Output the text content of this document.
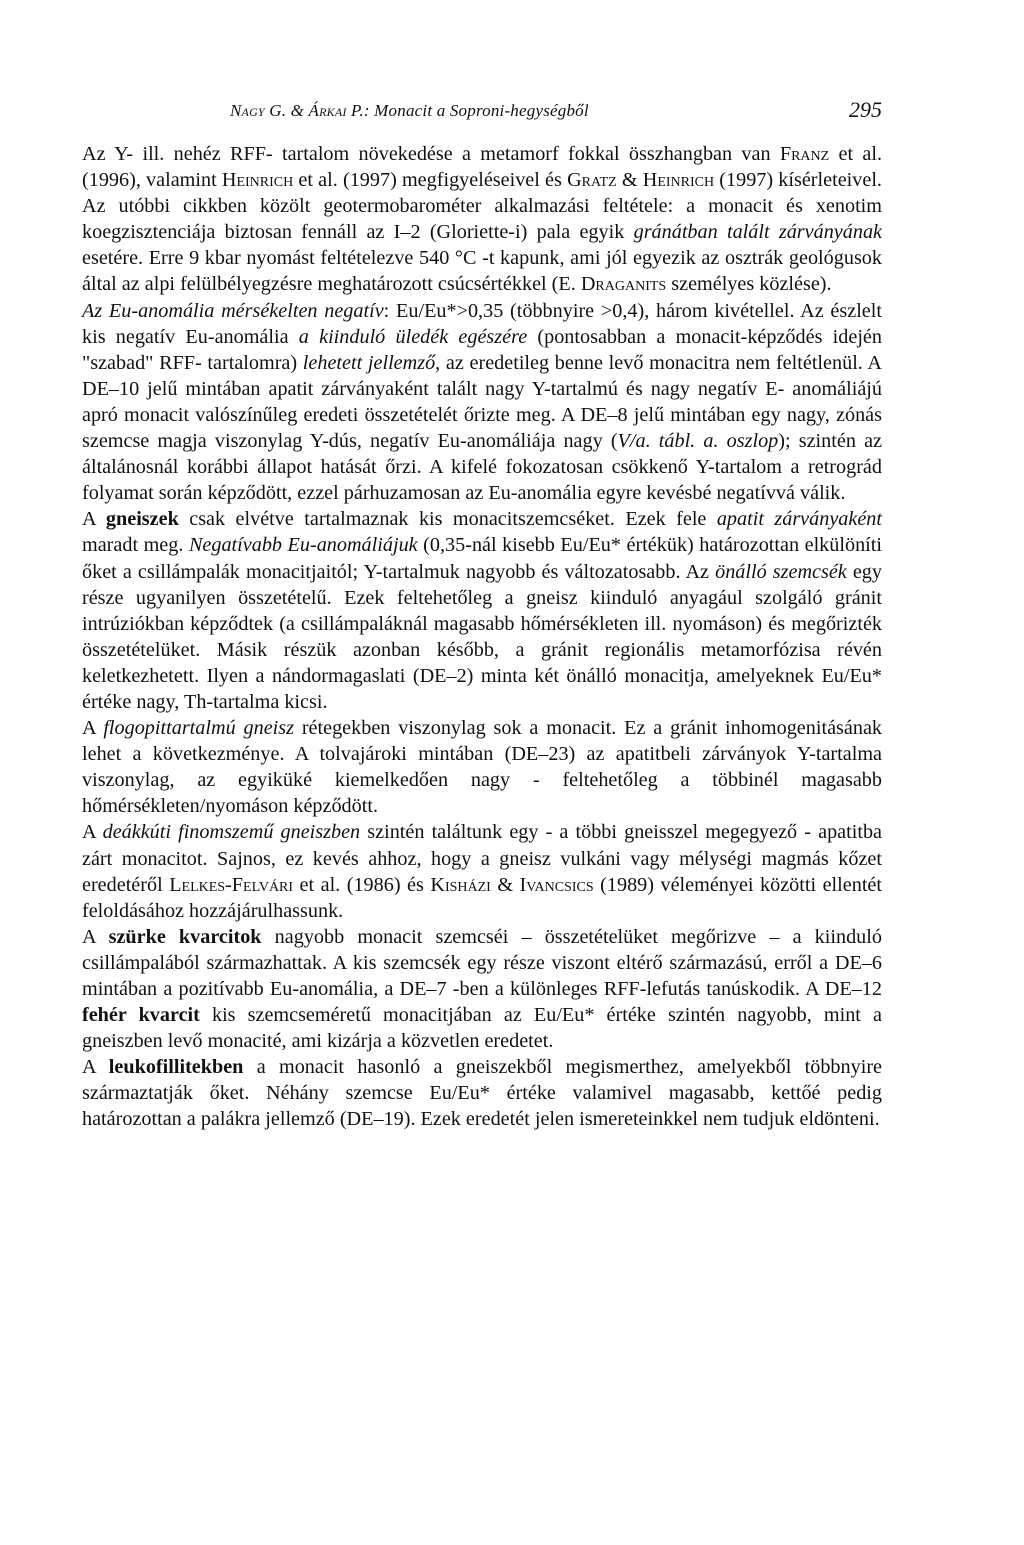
Nagy G. & Árkai P.: Monacit a Soproni-hegységből	295

Az Y- ill. nehéz RFF- tartalom növekedése a metamorf fokkal összhangban van Franz et al. (1996), valamint Heinrich et al. (1997) megfigyeléseivel és Gratz & Heinrich (1997) kísérleteivel. Az utóbbi cikkben közölt geotermobarométer alkalmazási feltétele: a monacit és xenotim koegzisztenciája biztosan fennáll az I–2 (Gloriette-i) pala egyik gránátban talált zárványának esetére. Erre 9 kbar nyomást feltételezve 540 °C -t kapunk, ami jól egyezik az osztrák geológusok által az alpi felülbélyegzésre meghatározott csúcsértékkel (E. Draganits személyes közlése).

Az Eu-anomália mérsékelten negatív: Eu/Eu*>0,35 (többnyire >0,4), három kivétellel. Az észlelt kis negatív Eu-anomália a kiinduló üledék egészére (pontosabban a monacit-képződés idején "szabad" RFF- tartalomra) lehetett jellemző, az eredetileg benne levő monacitra nem feltétlenül. A DE–10 jelű mintában apatit zárványaként talált nagy Y-tartalmú és nagy negatív E- anomáliájú apró monacit valószínűleg eredeti összetételét őrizte meg. A DE–8 jelű mintában egy nagy, zónás szemcse magja viszonylag Y-dús, negatív Eu-anomáliája nagy (V/a. tábl. a. oszlop); szintén az általánosnál korábbi állapot hatását őrzi. A kifelé fokozatosan csökkenő Y-tartalom a retrográd folyamat során képződött, ezzel párhuzamosan az Eu-anomália egyre kevésbé negatívvá válik.

A gneiszek csak elvétve tartalmaznak kis monacitszemcséket. Ezek fele apatit zárványaként maradt meg. Negatívabb Eu-anomáliájuk (0,35-nál kisebb Eu/Eu* értékük) határozottan elkülöníti őket a csillámpalák monacitjaitól; Y-tartalmuk nagyobb és változatosabb. Az önálló szemcsék egy része ugyanilyen összetételű. Ezek feltehetőleg a gneisz kiinduló anyagául szolgáló gránit intrúziókban képződtek (a csillámpaláknál magasabb hőmérsékleten ill. nyomáson) és megőrizték összetételüket. Másik részük azonban később, a gránit regionális metamorfózisa révén keletkezhetett. Ilyen a nándormagaslati (DE–2) minta két önálló monacitja, amelyeknek Eu/Eu* értéke nagy, Th-tartalma kicsi.

A flogopittartalmú gneisz rétegekben viszonylag sok a monacit. Ez a gránit inhomogenitásának lehet a következménye. A tolvajároki mintában (DE–23) az apatitbeli zárványok Y-tartalma viszonylag, az egyiküké kiemelkedően nagy - feltehetőleg a többinél magasabb hőmérsékleten/nyomáson képződött.

A deákkúti finomszemű gneiszben szintén találtunk egy - a többi gneisszel megegyező - apatitba zárt monacitot. Sajnos, ez kevés ahhoz, hogy a gneisz vulkáni vagy mélységi magmás kőzet eredetéről Lelkes-Felvári et al. (1986) és Kisházi & Ivancsics (1989) véleményei közötti ellentét feloldásához hozzájárulhassunk.

A szürke kvarcitok nagyobb monacit szemcséi – összetételüket megőrizve – a kiinduló csillámpalából származhattak. A kis szemcsék egy része viszont eltérő származású, erről a DE–6 mintában a pozitívabb Eu-anomália, a DE–7 -ben a különleges RFF-lefutás tanúskodik. A DE–12 fehér kvarcit kis szemcseméretű monacitjában az Eu/Eu* értéke szintén nagyobb, mint a gneiszben levő monacité, ami kizárja a közvetlen eredetet.

A leukofillitekben a monacit hasonló a gneiszekből megismerthez, amelyekből többnyire származtatják őket. Néhány szemcse Eu/Eu* értéke valamivel magasabb, kettőé pedig határozottan a palákra jellemző (DE–19). Ezek eredetét jelen ismereteinkkel nem tudjuk eldönteni.
